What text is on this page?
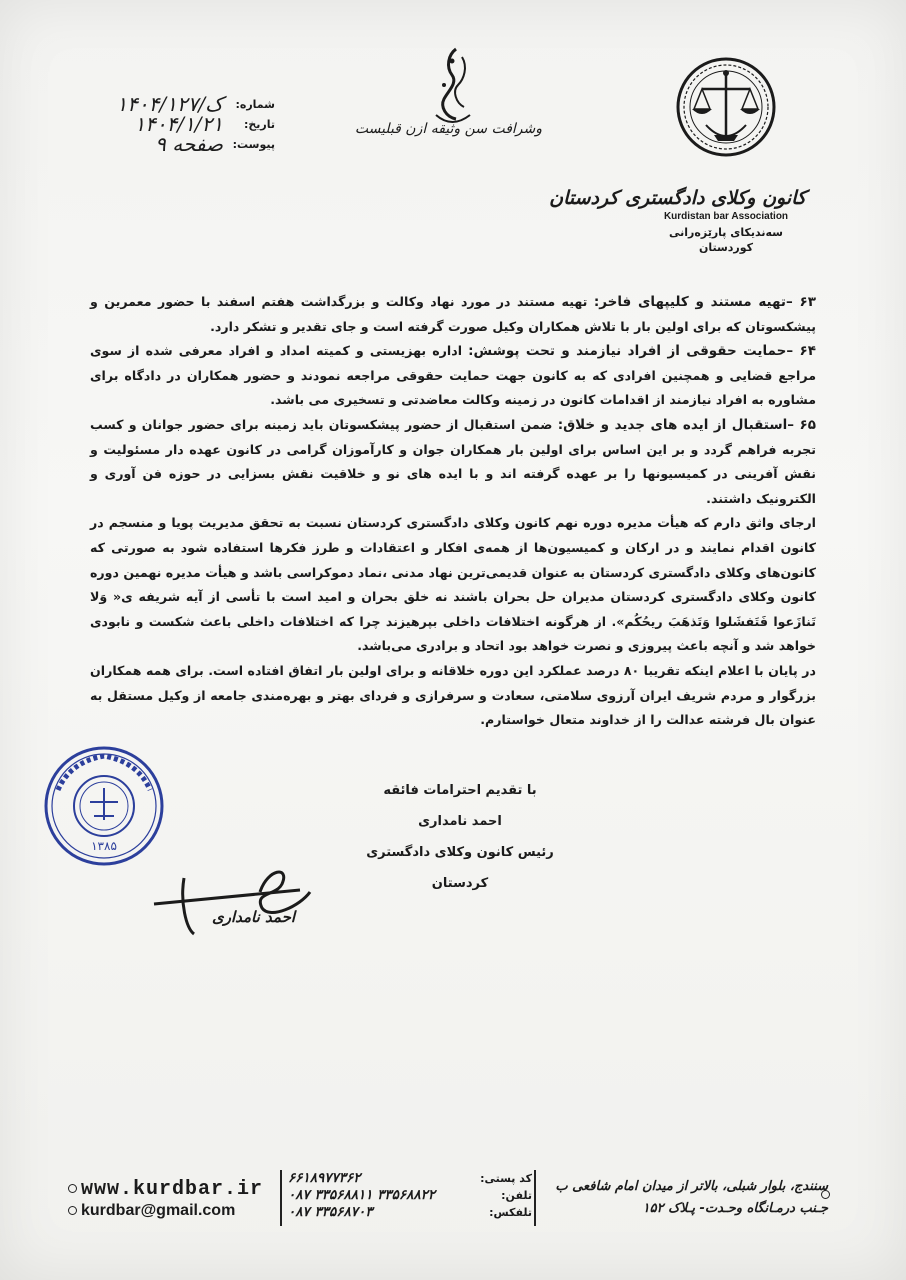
کانون وکلای دادگستری کردستان
Kurdistan bar Association
سەندیکای پارێزەرانی
کوردستان
وشرافت سن وثیقه ازن قبلیست
شماره:
۱۴۰۴/ک/۱۲۷
تاریخ:
۱۴۰۴/۱/۲۱
پیوست:
صفحه ۹

۶۳ –تهیه مستند و کلیپهای فاخر: تهیه مستند در مورد نهاد وکالت و بزرگداشت هفتم اسفند با حضور معمرین و پیشکسوتان که برای اولین بار با تلاش همکاران وکیل صورت گرفته است و جای تقدیر و تشکر دارد.

۶۴ –حمایت حقوقی از افراد نیازمند و تحت پوشش: اداره بهزیستی و کمیته امداد و افراد معرفی شده از سوی مراجع قضایی و همچنین افرادی که به کانون جهت حمایت حقوقی مراجعه نمودند و حضور همکاران در دادگاه برای مشاوره به افراد نیازمند از اقدامات کانون در زمینه وکالت معاضدتی و تسخیری می باشد.

۶۵ –استقبال از ایده های جدید و خلاق: ضمن استقبال از حضور پیشکسوتان باید زمینه برای حضور جوانان و کسب تجربه فراهم گردد و بر این اساس برای اولین بار همکاران جوان و کارآموزان گرامی در کانون عهده دار مسئولیت و نقش آفرینی در کمیسیونها را بر عهده گرفته اند و با ایده های نو و خلاقیت نقش بسزایی در حوزه فن آوری و الکترونیک داشتند.

ارجای واثق دارم که هیأت مدیره دوره نهم کانون وکلای دادگستری کردستان نسبت به تحقق مدیریت پویا و منسجم در کانون اقدام نمایند و در ارکان و کمیسیون‌ها از همه‌ی افکار و اعتقادات و طرز فکرها استفاده شود به صورتی که کانون‌های وکلای دادگستری کردستان به عنوان قدیمی‌ترین نهاد مدنی ،نماد دموکراسی باشد و هیأت مدیره نهمین دوره کانون وکلای دادگستری کردستان مدیران حل بحران باشند نه خلق بحران و امید است با تأسی از آیه شریفه ی« وَلا تَنازَعوا فَتَفشَلوا وَتَذهَبَ ريحُكُم». از هرگونه اختلافات داخلی بپرهیزند چرا که اختلافات داخلی باعث شکست و نابودی خواهد شد و آنچه باعث پیروزی و نصرت خواهد بود اتحاد و برادری می‌باشد.

در پایان با اعلام اینکه تقریبا ۸۰ درصد عملکرد این دوره خلاقانه و برای اولین بار اتفاق افتاده است. برای همه همکاران بزرگوار و مردم شریف ایران آرزوی سلامتی، سعادت و سرفرازی و فردای بهتر و بهره‌مندی جامعه از وکیل مستقل به عنوان بال فرشته عدالت را از خداوند متعال خواستارم.

۱۳۸۵
با تقدیم احترامات فائقه
احمد نامداری
رئیس کانون وکلای دادگستری کردستان
احمد نامداری
www.kurdbar.ir
kurdbar@gmail.com
۶۶۱۸۹۷۷۳۶۲
۰۸۷ ۳۳۵۶۸۸۱۱ ۳۳۵۶۸۸۲۲
۰۸۷ ۳۳۵۶۸۷۰۳
کد پستی:
تلفن:
تلفکس:
سنندج، بلوار شبلی، بالاتر از میدان امام شافعی ب
جـنب درمـانگاه وحـدت- پـلاک ۱۵۲
